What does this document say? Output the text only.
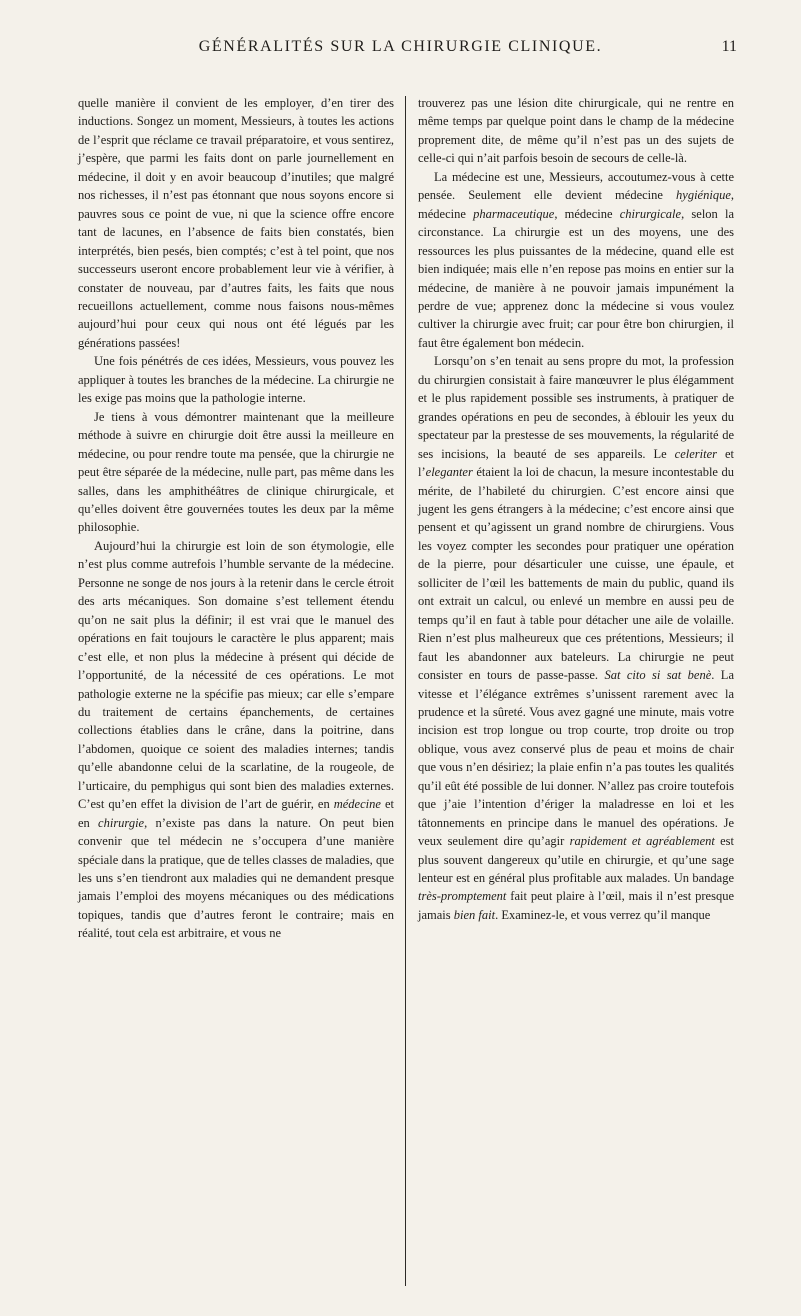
GÉNÉRALITÉS SUR LA CHIRURGIE CLINIQUE.	11

quelle manière il convient de les employer, d’en tirer des inductions. Songez un moment, Messieurs, à toutes les actions de l’esprit que réclame ce travail préparatoire, et vous sentirez, j’espère, que parmi les faits dont on parle journellement en médecine, il doit y en avoir beaucoup d’inutiles; que malgré nos richesses, il n’est pas étonnant que nous soyons encore si pauvres sous ce point de vue, ni que la science offre encore tant de lacunes, en l’absence de faits bien constatés, bien interprétés, bien pesés, bien comptés; c’est à tel point, que nos successeurs useront encore probablement leur vie à vérifier, à constater de nouveau, par d’autres faits, les faits que nous recueillons actuellement, comme nous faisons nous-mêmes aujourd’hui pour ceux qui nous ont été légués par les générations passées!

Une fois pénétrés de ces idées, Messieurs, vous pouvez les appliquer à toutes les branches de la médecine. La chirurgie ne les exige pas moins que la pathologie interne.

Je tiens à vous démontrer maintenant que la meilleure méthode à suivre en chirurgie doit être aussi la meilleure en médecine, ou pour rendre toute ma pensée, que la chirurgie ne peut être séparée de la médecine, nulle part, pas même dans les salles, dans les amphithéâtres de clinique chirurgicale, et qu’elles doivent être gouvernées toutes les deux par la même philosophie.

Aujourd’hui la chirurgie est loin de son étymologie, elle n’est plus comme autrefois l’humble servante de la médecine. Personne ne songe de nos jours à la retenir dans le cercle étroit des arts mécaniques. Son domaine s’est tellement étendu qu’on ne sait plus la définir; il est vrai que le manuel des opérations en fait toujours le caractère le plus apparent; mais c’est elle, et non plus la médecine à présent qui décide de l’opportunité, de la nécessité de ces opérations. Le mot pathologie externe ne la spécifie pas mieux; car elle s’empare du traitement de certains épanchements, de certaines collections établies dans le crâne, dans la poitrine, dans l’abdomen, quoique ce soient des maladies internes; tandis qu’elle abandonne celui de la scarlatine, de la rougeole, de l’urticaire, du pemphigus qui sont bien des maladies externes. C’est qu’en effet la division de l’art de guérir, en médecine et en chirurgie, n’existe pas dans la nature. On peut bien convenir que tel médecin ne s’occupera d’une manière spéciale dans la pratique, que de telles classes de maladies, que les uns s’en tiendront aux maladies qui ne demandent presque jamais l’emploi des moyens mécaniques ou des médications topiques, tandis que d’autres feront le contraire; mais en réalité, tout cela est arbitraire, et vous ne

trouverez pas une lésion dite chirurgicale, qui ne rentre en même temps par quelque point dans le champ de la médecine proprement dite, de même qu’il n’est pas un des sujets de celle-ci qui n’ait parfois besoin de secours de celle-là.

La médecine est une, Messieurs, accoutumez-vous à cette pensée. Seulement elle devient médecine hygiénique, médecine pharmaceutique, médecine chirurgicale, selon la circonstance. La chirurgie est un des moyens, une des ressources les plus puissantes de la médecine, quand elle est bien indiquée; mais elle n’en repose pas moins en entier sur la médecine, de manière à ne pouvoir jamais impunément la perdre de vue; apprenez donc la médecine si vous voulez cultiver la chirurgie avec fruit; car pour être bon chirurgien, il faut être également bon médecin.

Lorsqu’on s’en tenait au sens propre du mot, la profession du chirurgien consistait à faire manœuvrer le plus élégamment et le plus rapidement possible ses instruments, à pratiquer de grandes opérations en peu de secondes, à éblouir les yeux du spectateur par la prestesse de ses mouvements, la régularité de ses incisions, la beauté de ses appareils. Le celeriter et l’eleganter étaient la loi de chacun, la mesure incontestable du mérite, de l’habileté du chirurgien. C’est encore ainsi que jugent les gens étrangers à la médecine; c’est encore ainsi que pensent et qu’agissent un grand nombre de chirurgiens. Vous les voyez compter les secondes pour pratiquer une opération de la pierre, pour désarticuler une cuisse, une épaule, et solliciter de l’œil les battements de main du public, quand ils ont extrait un calcul, ou enlevé un membre en aussi peu de temps qu’il en faut à table pour détacher une aile de volaille. Rien n’est plus malheureux que ces prétentions, Messieurs; il faut les abandonner aux bateleurs. La chirurgie ne peut consister en tours de passe-passe. Sat cito si sat benè. La vitesse et l’élégance extrêmes s’unissent rarement avec la prudence et la sûreté. Vous avez gagné une minute, mais votre incision est trop longue ou trop courte, trop droite ou trop oblique, vous avez conservé plus de peau et moins de chair que vous n’en désiriez; la plaie enfin n’a pas toutes les qualités qu’il eût été possible de lui donner. N’allez pas croire toutefois que j’aie l’intention d’ériger la maladresse en loi et les tâtonnements en principe dans le manuel des opérations. Je veux seulement dire qu’agir rapidement et agréablement est plus souvent dangereux qu’utile en chirurgie, et qu’une sage lenteur est en général plus profitable aux malades. Un bandage très-promptement fait peut plaire à l’œil, mais il n’est presque jamais bien fait. Examinez-le, et vous verrez qu’il manque
